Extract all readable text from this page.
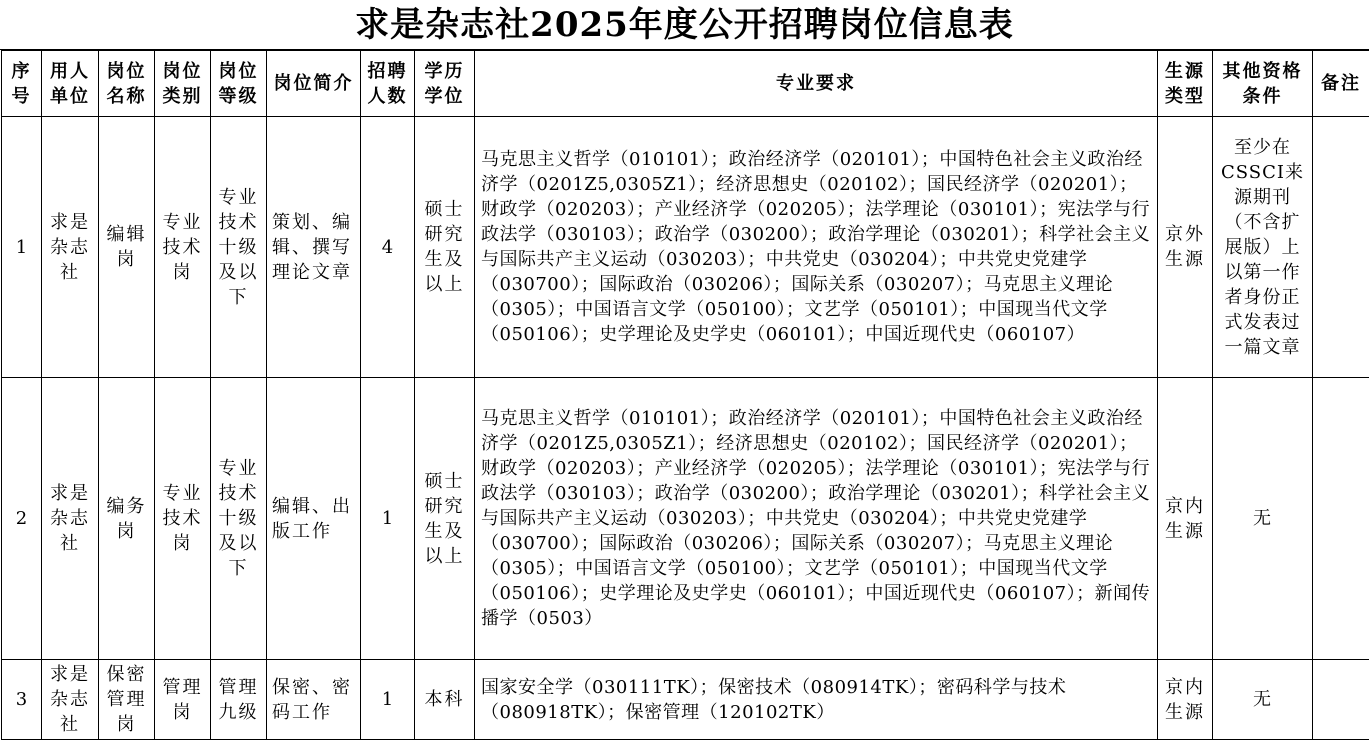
求是杂志社2025年度公开招聘岗位信息表
序号	用人单位	岗位名称	岗位类别	岗位等级	岗位简介	招聘人数	学历学位	专业要求	生源类型	其他资格条件	备注
1	求是杂志社	编辑岗	专业技术岗	专业技术十级及以下	策划、编辑、撰写理论文章	4	硕士研究生及以上	马克思主义哲学（010101）；政治经济学（020101）；中国特色社会主义政治经济学（0201Z5,0305Z1）；经济思想史（020102）；国民经济学（020201）；财政学（020203）；产业经济学（020205）；法学理论（030101）；宪法学与行政法学（030103）；政治学（030200）；政治学理论（030201）；科学社会主义与国际共产主义运动（030203）；中共党史（030204）；中共党史党建学（030700）；国际政治（030206）；国际关系（030207）；马克思主义理论（0305）；中国语言文学（050100）；文艺学（050101）；中国现当代文学（050106）；史学理论及史学史（060101）；中国近现代史（060107）	京外生源	至少在CSSCI来源期刊（不含扩展版）上以第一作者身份正式发表过一篇文章	
2	求是杂志社	编务岗	专业技术岗	专业技术十级及以下	编辑、出版工作	1	硕士研究生及以上	马克思主义哲学（010101）；政治经济学（020101）；中国特色社会主义政治经济学（0201Z5,0305Z1）；经济思想史（020102）；国民经济学（020201）；财政学（020203）；产业经济学（020205）；法学理论（030101）；宪法学与行政法学（030103）；政治学（030200）；政治学理论（030201）；科学社会主义与国际共产主义运动（030203）；中共党史（030204）；中共党史党建学（030700）；国际政治（030206）；国际关系（030207）；马克思主义理论（0305）；中国语言文学（050100）；文艺学（050101）；中国现当代文学（050106）；史学理论及史学史（060101）；中国近现代史（060107）；新闻传播学（0503）	京内生源	无	
3	求是杂志社	保密管理岗	管理岗	管理九级	保密、密码工作	1	本科	国家安全学（030111TK）；保密技术（080914TK）；密码科学与技术（080918TK）；保密管理（120102TK）	京内生源	无	
